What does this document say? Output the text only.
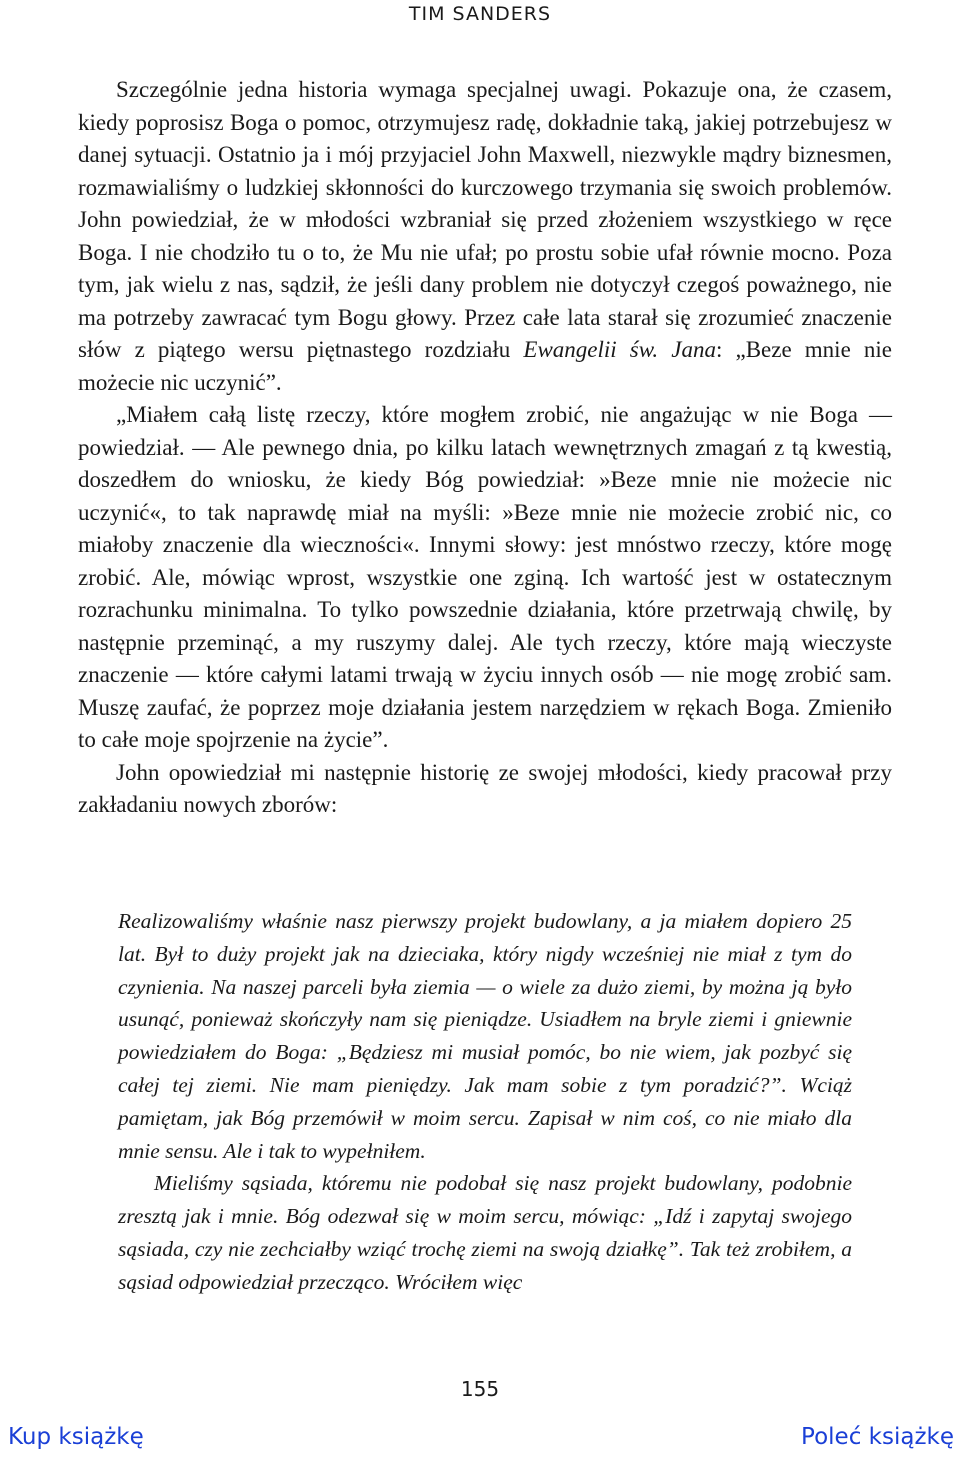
TIM SANDERS

Szczególnie jedna historia wymaga specjalnej uwagi. Pokazuje ona, że czasem, kiedy poprosisz Boga o pomoc, otrzymujesz radę, dokładnie taką, jakiej potrzebujesz w danej sytuacji. Ostatnio ja i mój przyjaciel John Maxwell, niezwykle mądry biznesmen, rozmawialiśmy o ludzkiej skłonności do kurczowego trzymania się swoich problemów. John powiedział, że w młodości wzbraniał się przed złożeniem wszystkiego w ręce Boga. I nie chodziło tu o to, że Mu nie ufał; po prostu sobie ufał równie mocno. Poza tym, jak wielu z nas, sądził, że jeśli dany problem nie dotyczył czegoś poważnego, nie ma potrzeby zawracać tym Bogu głowy. Przez całe lata starał się zrozumieć znaczenie słów z piątego wersu piętnastego rozdziału Ewangelii św. Jana: „Beze mnie nie możecie nic uczynić”.

„Miałem całą listę rzeczy, które mogłem zrobić, nie angażując w nie Boga — powiedział. — Ale pewnego dnia, po kilku latach wewnętrznych zmagań z tą kwestią, doszedłem do wniosku, że kiedy Bóg powiedział: »Beze mnie nie możecie nic uczynić«, to tak naprawdę miał na myśli: »Beze mnie nie możecie zrobić nic, co miałoby znaczenie dla wieczności«. Innymi słowy: jest mnóstwo rzeczy, które mogę zrobić. Ale, mówiąc wprost, wszystkie one zginą. Ich wartość jest w ostatecznym rozrachunku minimalna. To tylko powszednie działania, które przetrwają chwilę, by następnie przeminąć, a my ruszymy dalej. Ale tych rzeczy, które mają wieczyste znaczenie — które całymi latami trwają w życiu innych osób — nie mogę zrobić sam. Muszę zaufać, że poprzez moje działania jestem narzędziem w rękach Boga. Zmieniło to całe moje spojrzenie na życie”.

John opowiedział mi następnie historię ze swojej młodości, kiedy pracował przy zakładaniu nowych zborów:

Realizowaliśmy właśnie nasz pierwszy projekt budowlany, a ja miałem dopiero 25 lat. Był to duży projekt jak na dzieciaka, który nigdy wcześniej nie miał z tym do czynienia. Na naszej parceli była ziemia — o wiele za dużo ziemi, by można ją było usunąć, ponieważ skończyły nam się pieniądze. Usiadłem na bryle ziemi i gniewnie powiedziałem do Boga: „Będziesz mi musiał pomóc, bo nie wiem, jak pozbyć się całej tej ziemi. Nie mam pieniędzy. Jak mam sobie z tym poradzić?”. Wciąż pamiętam, jak Bóg przemówił w moim sercu. Zapisał w nim coś, co nie miało dla mnie sensu. Ale i tak to wypełniłem.

Mieliśmy sąsiada, któremu nie podobał się nasz projekt budowlany, podobnie zresztą jak i mnie. Bóg odezwał się w moim sercu, mówiąc: „Idź i zapytaj swojego sąsiada, czy nie zechciałby wziąć trochę ziemi na swoją działkę”. Tak też zrobiłem, a sąsiad odpowiedział przecząco. Wróciłem więc

155
Kup książkę	Poleć książkę
